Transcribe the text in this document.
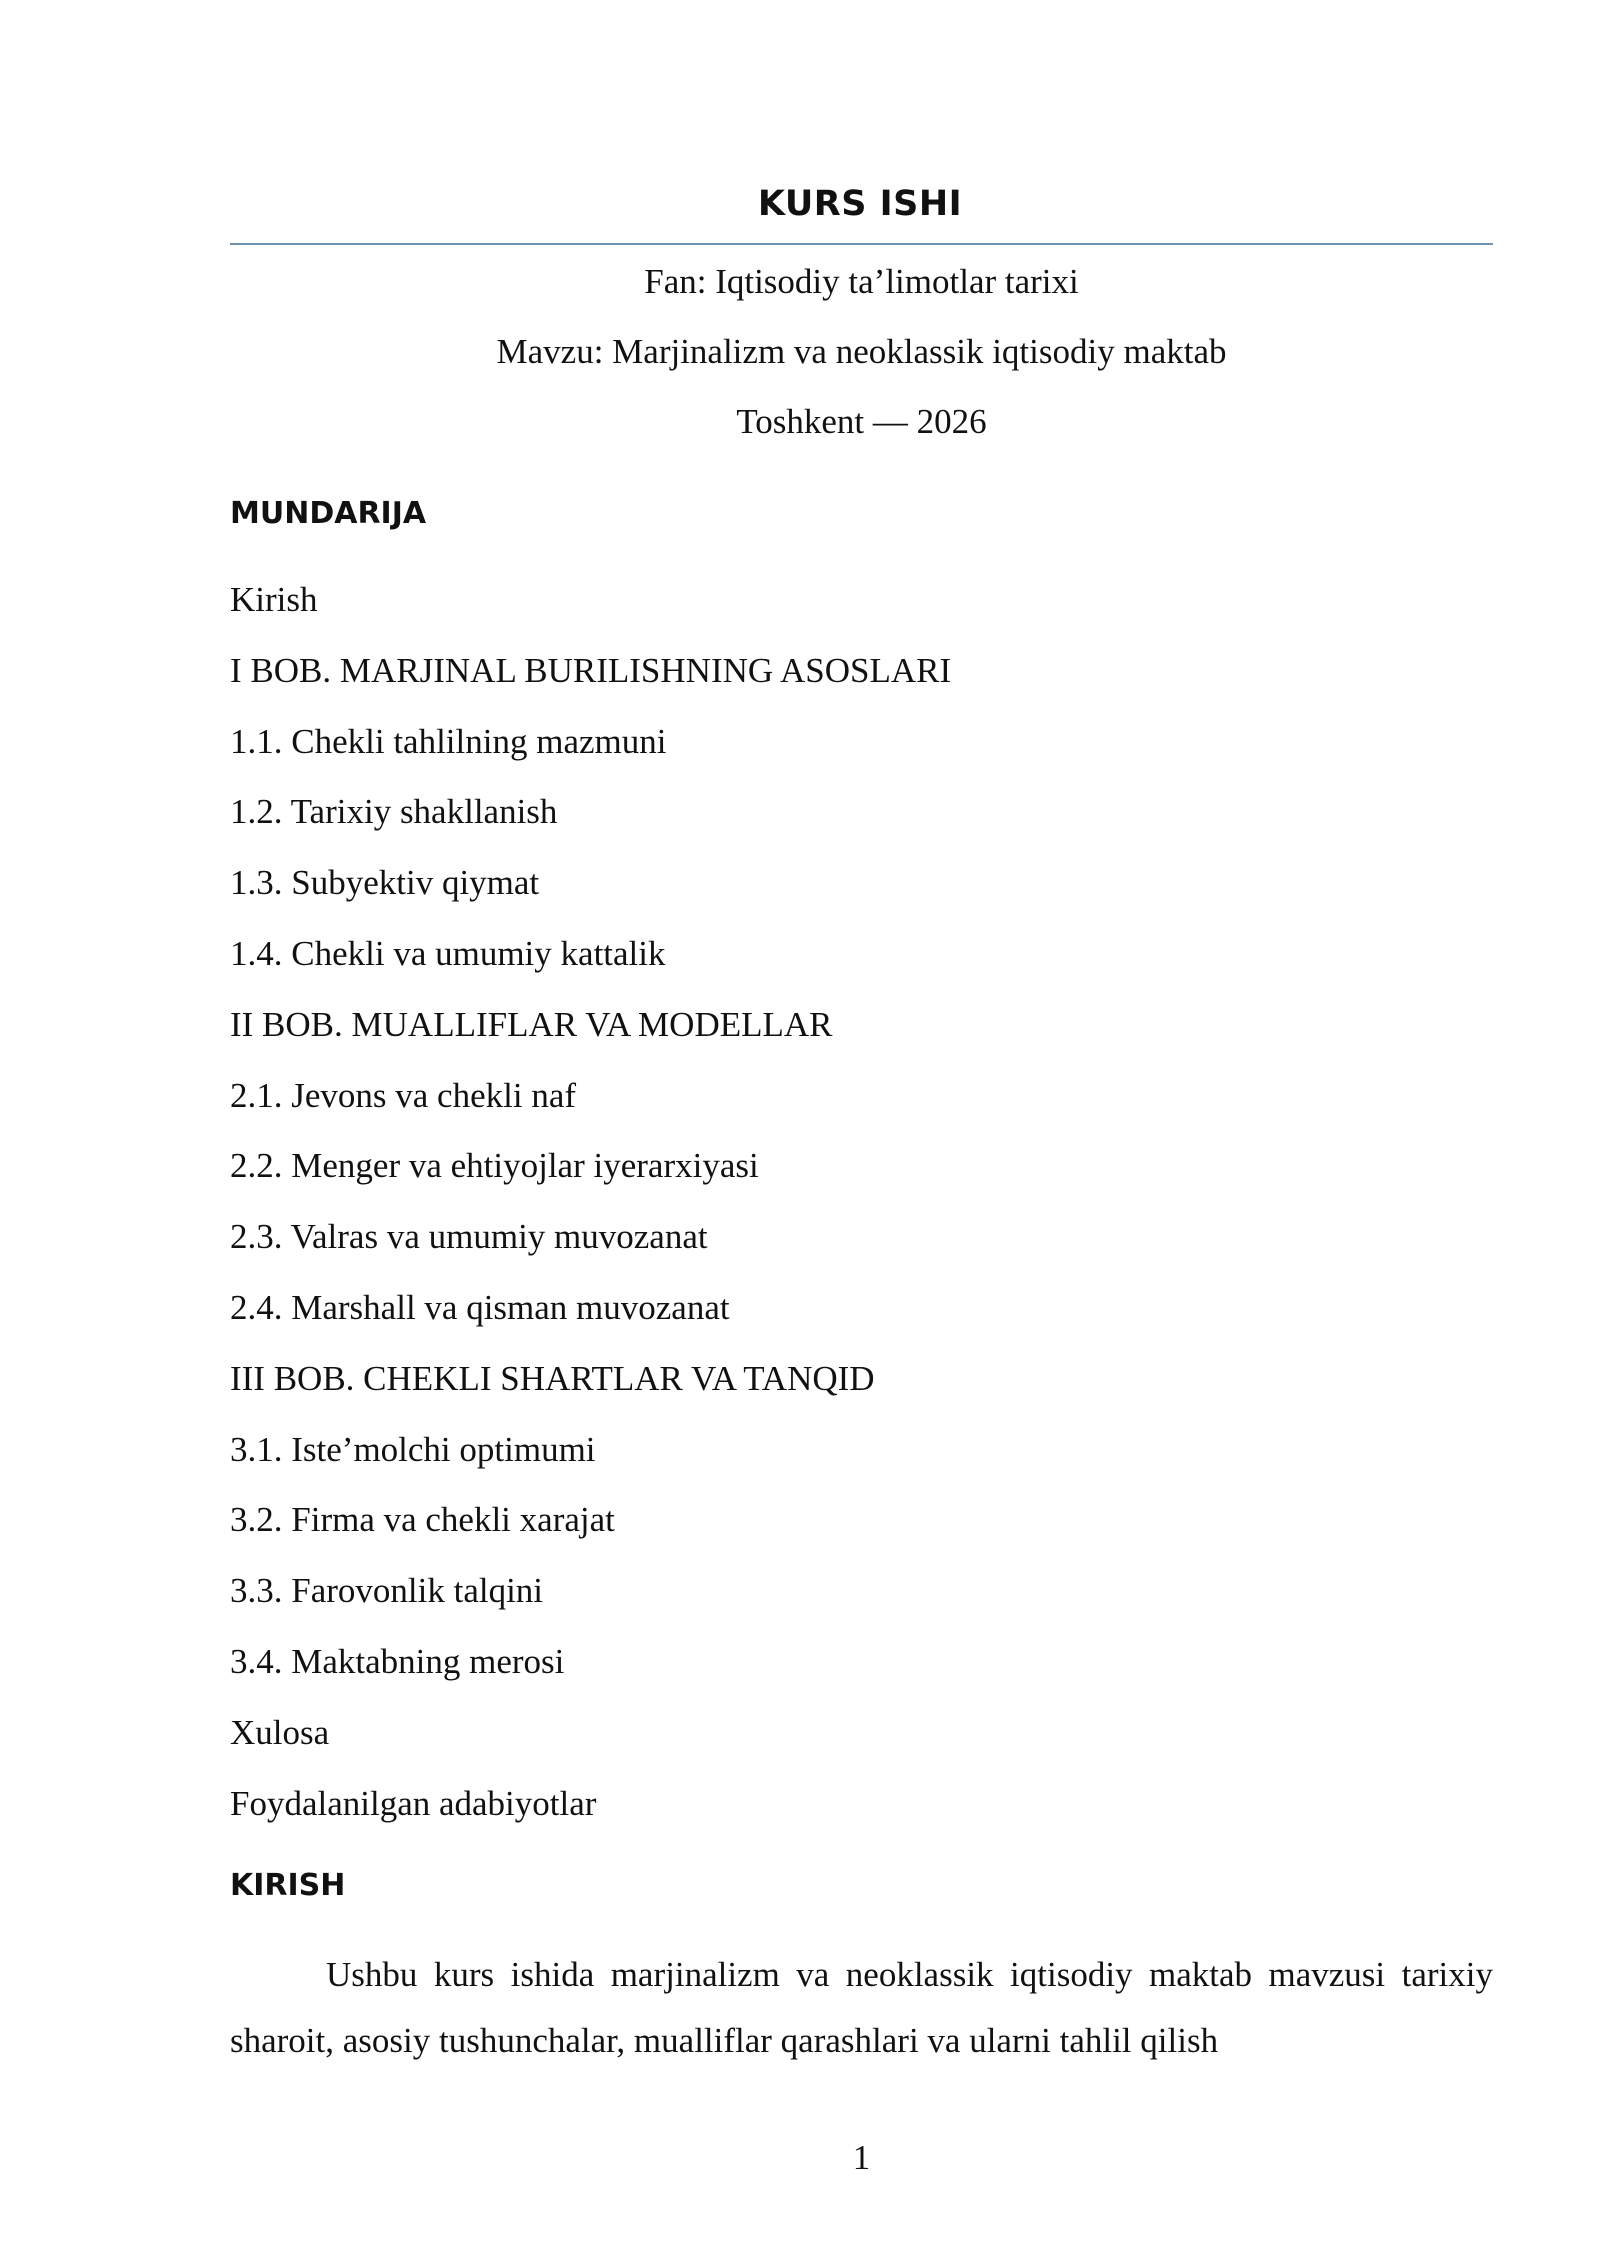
KURS ISHI
Fan: Iqtisodiy ta’limotlar tarixi
Mavzu: Marjinalizm va neoklassik iqtisodiy maktab
Toshkent — 2026
MUNDARIJA
Kirish
I BOB. MARJINAL BURILISHNING ASOSLARI
1.1. Chekli tahlilning mazmuni
1.2. Tarixiy shakllanish
1.3. Subyektiv qiymat
1.4. Chekli va umumiy kattalik
II BOB. MUALLIFLAR VA MODELLAR
2.1. Jevons va chekli naf
2.2. Menger va ehtiyojlar iyerarxiyasi
2.3. Valras va umumiy muvozanat
2.4. Marshall va qisman muvozanat
III BOB. CHEKLI SHARTLAR VA TANQID
3.1. Iste’molchi optimumi
3.2. Firma va chekli xarajat
3.3. Farovonlik talqini
3.4. Maktabning merosi
Xulosa
Foydalanilgan adabiyotlar
KIRISH

Ushbu kurs ishida marjinalizm va neoklassik iqtisodiy maktab mavzusi tarixiy sharoit, asosiy tushunchalar, mualliflar qarashlari va ularni tahlil qilish

1
